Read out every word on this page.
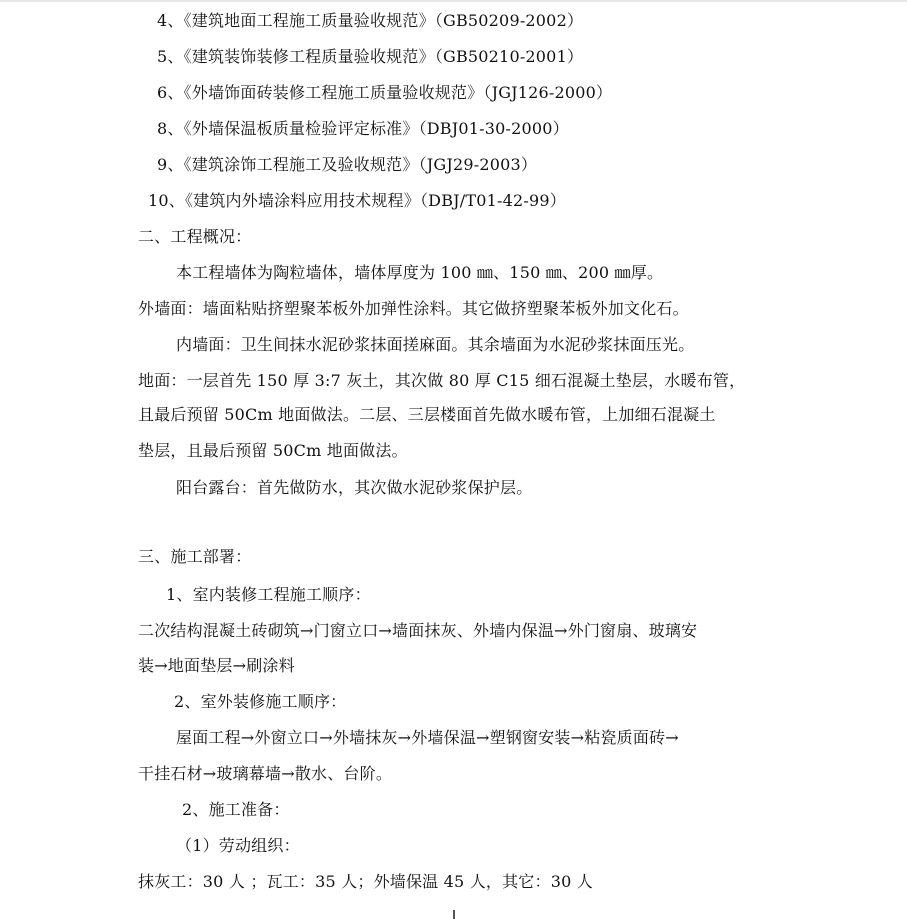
4、《建筑地面工程施工质量验收规范》（GB50209-2002）
5、《建筑装饰装修工程质量验收规范》（GB50210-2001）
6、《外墙饰面砖装修工程施工质量验收规范》（JGJ126-2000）
8、《外墙保温板质量检验评定标准》（DBJ01-30-2000）
9、《建筑涂饰工程施工及验收规范》（JGJ29-2003）
10、《建筑内外墙涂料应用技术规程》（DBJ/T01-42-99）
二、工程概况：
本工程墙体为陶粒墙体，墙体厚度为 100 ㎜、150 ㎜、200 ㎜厚。
外墙面：墙面粘贴挤塑聚苯板外加弹性涂料。其它做挤塑聚苯板外加文化石。
内墙面：卫生间抹水泥砂浆抹面搓麻面。其余墙面为水泥砂浆抹面压光。
地面：一层首先 150 厚 3:7 灰土，其次做 80 厚 C15 细石混凝土垫层，水暖布管，
且最后预留 50Cm 地面做法。二层、三层楼面首先做水暖布管，上加细石混凝土
垫层，且最后预留 50Cm 地面做法。
阳台露台：首先做防水，其次做水泥砂浆保护层。
三、施工部署：
1、室内装修工程施工顺序：
二次结构混凝土砖砌筑→门窗立口→墙面抹灰、外墙内保温→外门窗扇、玻璃安
装→地面垫层→刷涂料
2、室外装修施工顺序：
屋面工程→外窗立口→外墙抹灰→外墙保温→塑钢窗安装→粘瓷质面砖→
干挂石材→玻璃幕墙→散水、台阶。
2、施工准备：
（1）劳动组织：
抹灰工：30 人 ；瓦工：35 人；外墙保温 45 人，其它：30 人
